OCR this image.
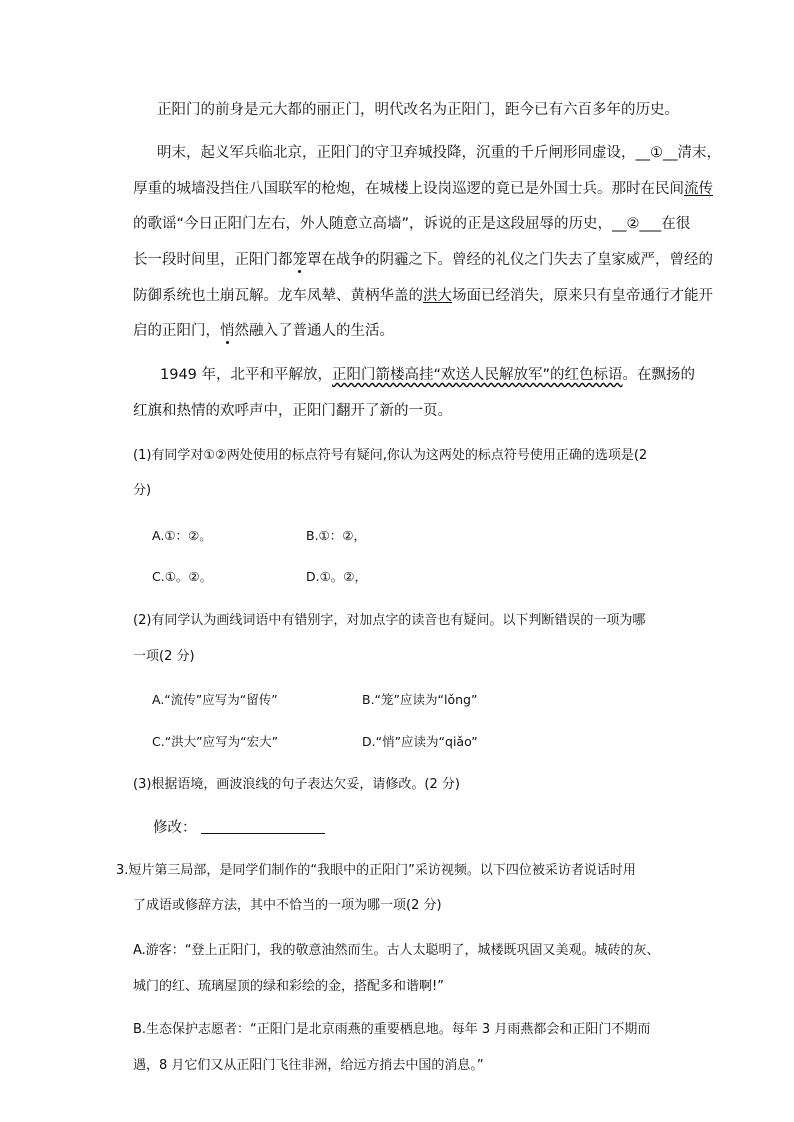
正阳门的前身是元大都的丽正门，明代改名为正阳门，距今已有六百多年的历史。
明末，起义军兵临北京，正阳门的守卫弃城投降，沉重的千斤闸形同虚设，__①__清末，
厚重的城墙没挡住八国联军的枪炮，在城楼上设岗巡逻的竟已是外国士兵。那时在民间流传
的歌谣“今日正阳门左右，外人随意立高墙”，诉说的正是这段屈辱的历史，__②___在很
长一段时间里，正阳门都笼罩在战争的阴霾之下。曾经的礼仪之门失去了皇家威严，曾经的
防御系统也土崩瓦解。龙车凤辇、黄柄华盖的洪大场面已经消失，原来只有皇帝通行才能开
启的正阳门，悄然融入了普通人的生活。
1949 年，北平和平解放，正阳门箭楼高挂“欢送人民解放军”的红色标语。在飘扬的
红旗和热情的欢呼声中，正阳门翻开了新的一页。
(1)有同学对①②两处使用的标点符号有疑问,你认为这两处的标点符号使用正确的选项是(2
分)
A.①：②。	B.①：②，
C.①。②。	D.①。②，
(2)有同学认为画线词语中有错别字，对加点字的读音也有疑问。以下判断错误的一项为哪
一项(2 分)
A.“流传”应写为“留传”	B.“笼”应读为“lǒng”
C.“洪大”应写为“宏大”	D.“悄”应读为“qiǎo”
(3)根据语境，画波浪线的句子表达欠妥，请修改。(2 分)
修改：
3.短片第三局部，是同学们制作的“我眼中的正阳门”采访视频。以下四位被采访者说话时用
了成语或修辞方法，其中不恰当的一项为哪一项(2 分)
A.游客：“登上正阳门，我的敬意油然而生。古人太聪明了，城楼既巩固又美观。城砖的灰、
城门的红、琉璃屋顶的绿和彩绘的金，搭配多和谐啊!”
B.生态保护志愿者：“正阳门是北京雨燕的重要栖息地。每年 3 月雨燕都会和正阳门不期而
遇，8 月它们又从正阳门飞往非洲，给远方捎去中国的消息。”
